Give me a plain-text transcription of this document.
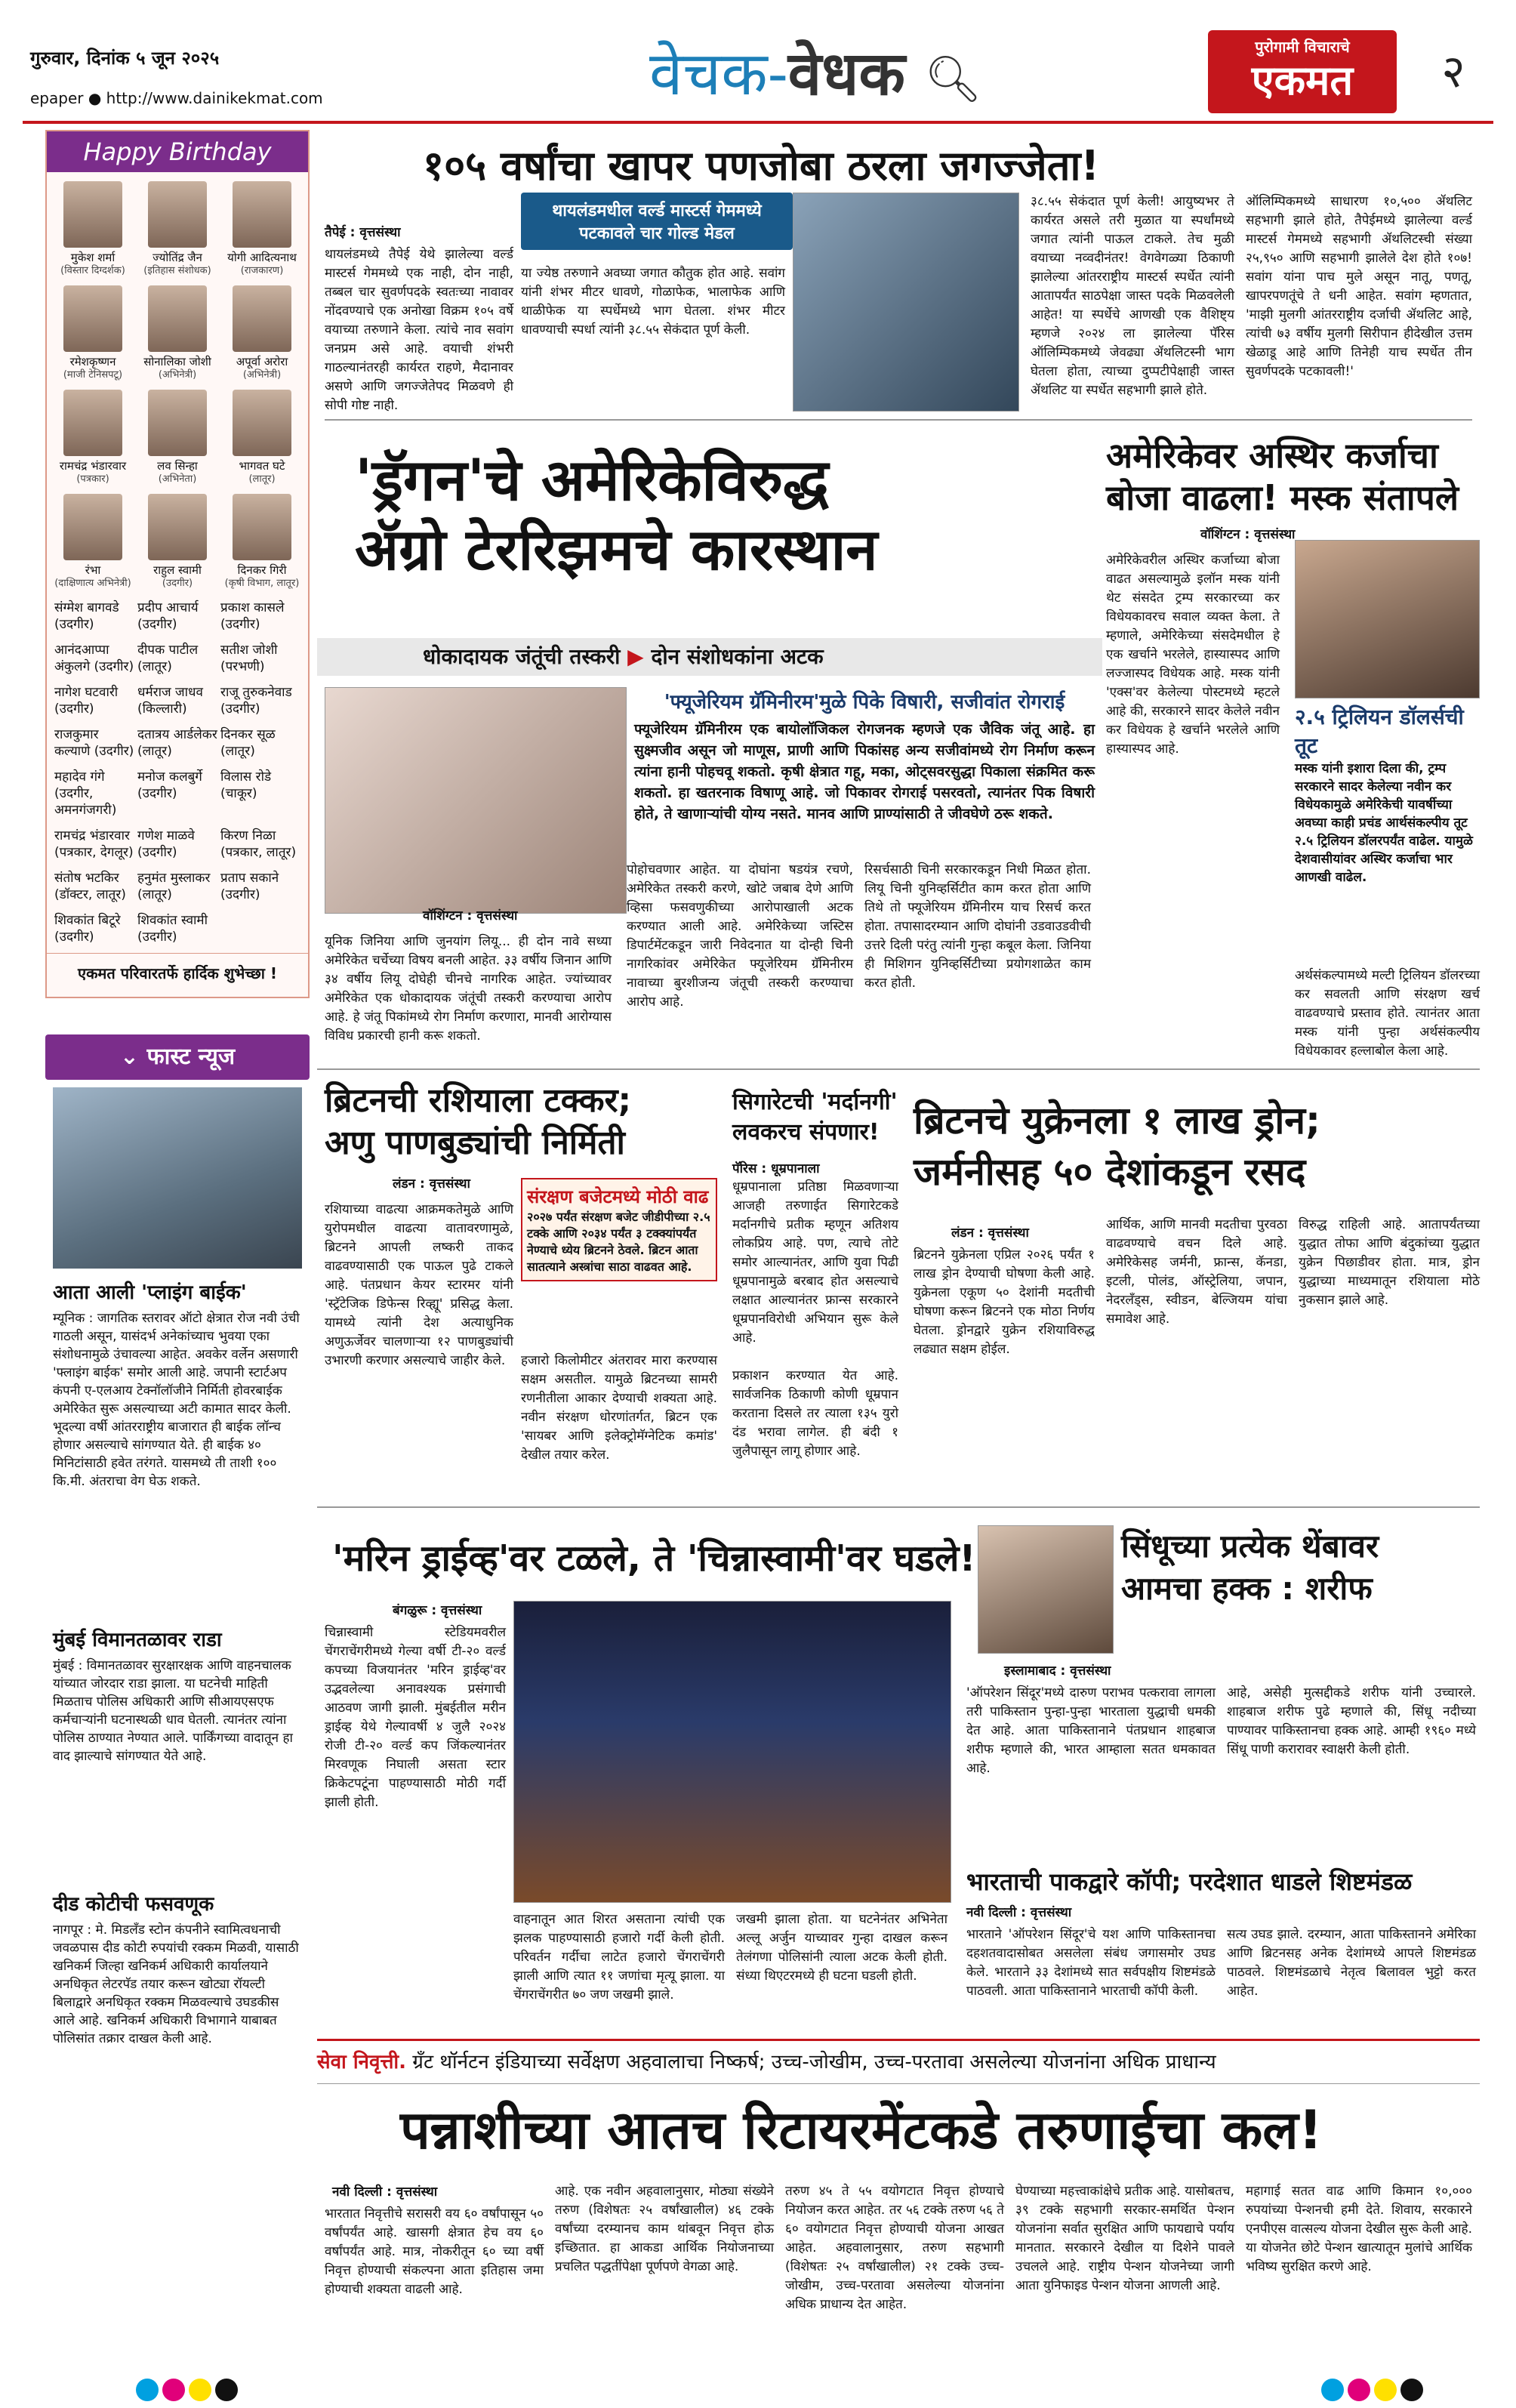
गुरुवार, दिनांक ५ जून २०२५
epaper ● http://www.dainikekmat.com	वेचक-वेधक 🔍︎
पुरोगामी विचाराचे
एकमत	२
Happy Birthday
मुकेश शर्मा
(विस्तार दिग्दर्शक)
ज्योतिंद्र जैन
(इतिहास संशोधक)
योगी आदित्यनाथ
(राजकारण)
रमेशकृष्णन
(माजी टेनिसपटू)
सोनालिका जोशी
(अभिनेत्री)
अपूर्वा अरोरा
(अभिनेत्री)
रामचंद्र भंडारवार
(पत्रकार)
लव सिन्हा
(अभिनेता)
भागवत घटे
(लातूर)
रंभा
(दाक्षिणात्य अभिनेत्री)
राहुल स्वामी
(उदगीर)
दिनकर गिरी
(कृषी विभाग, लातूर)
संग्मेश बागवडे (उदगीर)
प्रदीप आचार्य (उदगीर)
प्रकाश कासले (उदगीर)
आनंदआप्पा अंकुलगे (उदगीर)
दीपक पाटील (लातूर)
सतीश जोशी (परभणी)
नागेश घटवारी (उदगीर)
धर्मराज जाधव (किल्लारी)
राजू तुरुकनेवाड (उदगीर)
राजकुमार कल्याणे (उदगीर)
दतात्रय आर्डलेकर (लातूर)
दिनकर सूळ (लातूर)
महादेव गंगे (उदगीर, अमनगंजगरी)
मनोज कलबुर्गे (उदगीर)
विलास रोडे (चाकूर)
रामचंद्र भंडारवार (पत्रकार, देगलूर)
गणेश माळवे (उदगीर)
किरण निळा (पत्रकार, लातूर)
संतोष भटकिर (डॉक्टर, लातूर)
हनुमंत मुस्लाकर (लातूर)
प्रताप सकाने (उदगीर)
शिवकांत बिटूरे (उदगीर)
शिवकांत स्वामी (उदगीर)
एकमत परिवारतर्फे हार्दिक शुभेच्छा !
⌄ फास्ट न्यूज
आता आली 'प्लाइंग बाईक'

म्यूनिक : जागतिक स्तरावर ऑटो क्षेत्रात रोज नवी उंची गाठली असून, यासंदर्भ अनेकांच्याच भुवया एका संशोधनामुळे उंचावल्या आहेत. अवकेर वर्लेन असणारी 'फ्लाइंग बाईक' समोर आली आहे. जपानी स्टार्टअप कंपनी ए-एलआय टेक्नॉलॉजीने निर्मिती होवरबाईक अमेरिकेत सुरू असल्याच्या अटी कामात सादर केली. भूदल्या वर्षी आंतरराष्ट्रीय बाजारात ही बाईक लॉन्च होणार असल्याचे सांगण्यात येते. ही बाईक ४० मिनिटांसाठी हवेत तरंगते. यासमध्ये ती ताशी १०० कि.मी. अंतराचा वेग घेऊ शकते.

मुंबई विमानतळावर राडा

मुंबई : विमानतळावर सुरक्षारक्षक आणि वाहनचालक यांच्यात जोरदार राडा झाला. या घटनेची माहिती मिळताच पोलिस अधिकारी आणि सीआयएसएफ कर्मचाऱ्यांनी घटनास्थळी धाव घेतली. त्यानंतर त्यांना पोलिस ठाण्यात नेण्यात आले. पार्किंगच्या वादातून हा वाद झाल्याचे सांगण्यात येते आहे.

दीड कोटीची फसवणूक

नागपूर : मे. मिडलँड स्टोन कंपनीने स्वामित्वधनाची जवळपास दीड कोटी रुपयांची रक्कम मिळवी, यासाठी खनिकर्म जिल्हा खनिकर्म अधिकारी कार्यालयाने अनधिकृत लेटरपॅड तयार करून खोट्या रॉयल्टी बिलाद्वारे अनधिकृत रक्कम मिळवल्याचे उघडकीस आले आहे. खनिकर्म अधिकारी विभागाने याबाबत पोलिसांत तक्रार दाखल केली आहे.

१०५ वर्षांचा खापर पणजोबा ठरला जगज्जेता!
तैपेई : वृत्तसंस्था
थायलंडमधील वर्ल्ड मास्टर्स गेममध्ये पटकावले चार गोल्ड मेडल
थायलंडमध्ये तैपेई येथे झालेल्या वर्ल्ड मास्टर्स गेममध्ये एक नाही, दोन नाही, तब्बल चार सुवर्णपदके स्वतःच्या नावावर नोंदवण्याचे एक अनोखा विक्रम १०५ वर्षे वयाच्या तरुणाने केला. त्यांचे नाव सवांग जनप्रम असे आहे. वयाची शंभरी गाठल्यानंतरही कार्यरत राहणे, मैदानावर असणे आणि जगज्जेतेपद मिळवणे ही सोपी गोष्ट नाही.
या ज्येष्ठ तरुणाने अवघ्या जगात कौतुक होत आहे. सवांग यांनी शंभर मीटर धावणे, गोळाफेक, भालाफेक आणि थाळीफेक या स्पर्धेमध्ये भाग घेतला. शंभर मीटर धावण्याची स्पर्धा त्यांनी ३८.५५ सेकंदात पूर्ण केली.
३८.५५ सेकंदात पूर्ण केली! आयुष्यभर ते कार्यरत असले तरी मुळात या स्पर्धांमध्ये जगात त्यांनी पाऊल टाकले. तेच मुळी वयाच्या नव्वदीनंतर! वेगवेगळ्या ठिकाणी झालेल्या आंतरराष्ट्रीय मास्टर्स स्पर्धेत त्यांनी आतापर्यंत साठपेक्षा जास्त पदके मिळवलेली आहेत! या स्पर्धेचे आणखी एक वैशिष्ट्य म्हणजे २०२४ ला झालेल्या पॅरिस ऑलिम्पिकमध्ये जेवढ्या ॲथलिटस्नी भाग घेतला होता, त्याच्या दुप्पटीपेक्षाही जास्त ॲथलिट या स्पर्धेत सहभागी झाले होते.
ऑलिम्पिकमध्ये साधारण १०,५०० ॲथलिट सहभागी झाले होते, तैपेईमध्ये झालेल्या वर्ल्ड मास्टर्स गेममध्ये सहभागी ॲथलिटस्ची संख्या २५,९५० आणि सहभागी झालेले देश होते १०७! सवांग यांना पाच मुले असून नातू, पणतू, खापरपणतूंचे ते धनी आहेत. सवांग म्हणतात, 'माझी मुलगी आंतरराष्ट्रीय दर्जाची ॲथलिट आहे, त्यांची ७३ वर्षीय मुलगी सिरीपान हीदेखील उत्तम खेळाडू आहे आणि तिनेही याच स्पर्धेत तीन सुवर्णपदके पटकावली!'
'ड्रॅगन'चे अमेरिकेविरुद्ध
ॲग्रो टेररिझमचे कारस्थान
धोकादायक जंतूंची तस्करी ▶ दोन संशोधकांना अटक
वॉशिंग्टन : वृत्तसंस्था
'फ्यूजेरियम ग्रॅमिनीरम'मुळे पिके विषारी, सजीवांत रोगराई
फ्यूजेरियम ग्रॅमिनीरम एक बायोलॉजिकल रोगजनक म्हणजे एक जैविक जंतू आहे. हा सुक्ष्मजीव असून जो माणूस, प्राणी आणि पिकांसह अन्य सजीवांमध्ये रोग निर्माण करून त्यांना हानी पोहचवू शकतो. कृषी क्षेत्रात गहू, मका, ओट्सवरसुद्धा पिकाला संक्रमित करू शकतो. हा खतरनाक विषाणू आहे. जो पिकावर रोगराई पसरवतो, त्यानंतर पिक विषारी होते, ते खाणाऱ्यांची योग्य नसते. मानव आणि प्राण्यांसाठी ते जीवघेणे ठरू शकते.
यूनिक जिनिया आणि जुनयांग लियू... ही दोन नावे सध्या अमेरिकेत चर्चेच्या विषय बनली आहेत. ३३ वर्षीय जिनान आणि ३४ वर्षीय लियू दोघेही चीनचे नागरिक आहेत. ज्यांच्यावर अमेरिकेत एक धोकादायक जंतूंची तस्करी करण्याचा आरोप आहे. हे जंतू पिकांमध्ये रोग निर्माण करणारा, मानवी आरोग्यास विविध प्रकारची हानी करू शकतो.
पोहोचवणार आहेत. या दोघांना षडयंत्र रचणे, अमेरिकेत तस्करी करणे, खोटे जबाब देणे आणि व्हिसा फसवणुकीच्या आरोपाखाली अटक करण्यात आली आहे. अमेरिकेच्या जस्टिस डिपार्टमेंटकडून जारी निवेदनात या दोन्ही चिनी नागरिकांवर अमेरिकेत फ्यूजेरियम ग्रॅमिनीरम नावाच्या बुरशीजन्य जंतूची तस्करी करण्याचा आरोप आहे.
रिसर्चसाठी चिनी सरकारकडून निधी मिळत होता. लियू चिनी युनिव्हर्सिटीत काम करत होता आणि तिथे तो फ्यूजेरियम ग्रॅमिनीरम याच रिसर्च करत होता. तपासादरम्यान आणि दोघांनी उडवाउडवीची उत्तरे दिली परंतु त्यांनी गुन्हा कबूल केला. जिनिया ही मिशिगन युनिव्हर्सिटीच्या प्रयोगशाळेत काम करत होती.
अमेरिकेवर अस्थिर कर्जाचा बोजा वाढला! मस्क संतापले
वॉशिंग्टन : वृत्तसंस्था
अमेरिकेवरील अस्थिर कर्जाच्या बोजा वाढत असल्यामुळे इलॉन मस्क यांनी थेट संसदेत ट्रम्प सरकारच्या कर विधेयकावरच सवाल व्यक्त केला. ते म्हणाले, अमेरिकेच्या संसदेमधील हे एक खर्चाने भरलेले, हास्यास्पद आणि लज्जास्पद विधेयक आहे. मस्क यांनी 'एक्स'वर केलेल्या पोस्टमध्ये म्हटले आहे की, सरकारने सादर केलेले नवीन कर विधेयक हे खर्चाने भरलेले आणि हास्यास्पद आहे.
२.५ ट्रिलियन डॉलर्सची तूट
मस्क यांनी इशारा दिला की, ट्रम्प सरकारने सादर केलेल्या नवीन कर विधेयकामुळे अमेरिकेची यावर्षीच्या अवघ्या काही प्रचंड आर्थसंकल्पीय तूट २.५ ट्रिलियन डॉलरपर्यंत वाढेल. यामुळे देशवासीयांवर अस्थिर कर्जाचा भार आणखी वाढेल.
अर्थसंकल्पामध्ये मल्टी ट्रिलियन डॉलरच्या कर सवलती आणि संरक्षण खर्च वाढवण्याचे प्रस्ताव होते. त्यानंतर आता मस्क यांनी पुन्हा अर्थसंकल्पीय विधेयकावर हल्लाबोल केला आहे.
ब्रिटनची रशियाला टक्कर; अणु पाणबुड्यांची निर्मिती
लंडन : वृत्तसंस्था
रशियाच्या वाढत्या आक्रमकतेमुळे आणि युरोपमधील वाढत्या वातावरणामुळे, ब्रिटनने आपली लष्करी ताकद वाढवण्यासाठी एक पाऊल पुढे टाकले आहे. पंतप्रधान केयर स्टारमर यांनी 'स्ट्रॅटेजिक डिफेन्स रिव्ह्यू' प्रसिद्ध केला. यामध्ये त्यांनी देश अत्याधुनिक अणुऊर्जेवर चालणाऱ्या १२ पाणबुड्यांची उभारणी करणार असल्याचे जाहीर केले.
संरक्षण बजेटमध्ये मोठी वाढ
२०२७ पर्यंत संरक्षण बजेट जीडीपीच्या २.५ टक्के आणि २०३४ पर्यंत ३ टक्क्यांपर्यंत नेण्याचे ध्येय ब्रिटनने ठेवले. ब्रिटन आता सातत्याने अस्त्रांचा साठा वाढवत आहे.
हजारो किलोमीटर अंतरावर मारा करण्यास सक्षम असतील. यामुळे ब्रिटनच्या सामरी रणनीतीला आकार देण्याची शक्यता आहे. नवीन संरक्षण धोरणांतर्गत, ब्रिटन एक 'सायबर आणि इलेक्ट्रोमॅग्नेटिक कमांड' देखील तयार करेल.
सिगारेटची 'मर्दानगी'
लवकरच संपणार!
पॅरिस : धूम्रपानाला
धूम्रपानाला प्रतिष्ठा मिळवणाऱ्या आजही तरुणाईत सिगारेटकडे मर्दानगीचे प्रतीक म्हणून अतिशय लोकप्रिय आहे. पण, त्याचे तोटे समोर आल्यानंतर, आणि युवा पिढी धूम्रपानामुळे बरबाद होत असल्याचे लक्षात आल्यानंतर फ्रान्स सरकारने धूम्रपानविरोधी अभियान सुरू केले आहे.
प्रकाशन करण्यात येत आहे. सार्वजनिक ठिकाणी कोणी धूम्रपान करताना दिसले तर त्याला १३५ युरो दंड भरावा लागेल. ही बंदी १ जुलैपासून लागू होणार आहे.
ब्रिटनचे युक्रेनला १ लाख ड्रोन;
जर्मनीसह ५० देशांकडून रसद
लंडन : वृत्तसंस्था
ब्रिटनने युक्रेनला एप्रिल २०२६ पर्यंत १ लाख ड्रोन देण्याची घोषणा केली आहे. युक्रेनला एकूण ५० देशांनी मदतीची घोषणा करून ब्रिटनने एक मोठा निर्णय घेतला. ड्रोनद्वारे युक्रेन रशियाविरुद्ध लढ्यात सक्षम होईल.
आर्थिक, आणि मानवी मदतीचा पुरवठा वाढवण्याचे वचन दिले आहे. अमेरिकेसह जर्मनी, फ्रान्स, कॅनडा, इटली, पोलंड, ऑस्ट्रेलिया, जपान, नेदरलँड्स, स्वीडन, बेल्जियम यांचा समावेश आहे.
विरुद्ध राहिली आहे. आतापर्यंतच्या युद्धात तोफा आणि बंदुकांच्या युद्धात युक्रेन पिछाडीवर होता. मात्र, ड्रोन युद्धाच्या माध्यमातून रशियाला मोठे नुकसान झाले आहे.
'मरिन ड्राईव्ह'वर टळले, ते 'चिन्नास्वामी'वर घडले!
बंगळुरू : वृत्तसंस्था
चिन्नास्वामी स्टेडियमवरील चेंगराचेंगरीमध्ये गेल्या वर्षी टी-२० वर्ल्ड कपच्या विजयानंतर 'मरिन ड्राईव्ह'वर उद्भवलेल्या अनावश्यक प्रसंगाची आठवण जागी झाली. मुंबईतील मरीन ड्राईव्ह येथे गेल्यावर्षी ४ जुलै २०२४ रोजी टी-२० वर्ल्ड कप जिंकल्यानंतर मिरवणूक निघाली असता स्टार क्रिकेटपटूंना पाहण्यासाठी मोठी गर्दी झाली होती.
वाहनातून आत शिरत असताना त्यांची एक झलक पाहण्यासाठी हजारो गर्दी केली होती. परिवर्तन गर्दीचा लाटेत हजारो चेंगराचेंगरी झाली आणि त्यात ११ जणांचा मृत्यू झाला. या चेंगराचेंगरीत ७० जण जखमी झाले.
जखमी झाला होता. या घटनेनंतर अभिनेता अल्लू अर्जुन याच्यावर गुन्हा दाखल करून तेलंगणा पोलिसांनी त्याला अटक केली होती. संध्या थिएटरमध्ये ही घटना घडली होती.
सिंधूच्या प्रत्येक थेंबावर
आमचा हक्क : शरीफ
इस्लामाबाद : वृत्तसंस्था
'ऑपरेशन सिंदूर'मध्ये दारुण पराभव पत्करावा लागला तरी पाकिस्तान पुन्हा-पुन्हा भारताला युद्धाची धमकी देत आहे. आता पाकिस्तानाने पंतप्रधान शाहबाज शरीफ म्हणाले की, भारत आम्हाला सतत धमकावत आहे.
आहे, असेही मुत्सद्दीकडे शरीफ यांनी उच्चारले. शाहबाज शरीफ पुढे म्हणाले की, सिंधू नदीच्या पाण्यावर पाकिस्तानचा हक्क आहे. आम्ही १९६० मध्ये सिंधू पाणी करारावर स्वाक्षरी केली होती.
भारताची पाकद्वारे कॉपी; परदेशात धाडले शिष्टमंडळ
नवी दिल्ली : वृत्तसंस्था
भारताने 'ऑपरेशन सिंदूर'चे यश आणि पाकिस्तानचा दहशतवादासोबत असलेला संबंध जगासमोर उघड केले. भारताने ३३ देशांमध्ये सात सर्वपक्षीय शिष्टमंडळे पाठवली. आता पाकिस्तानाने भारताची कॉपी केली.
सत्य उघड झाले. दरम्यान, आता पाकिस्तानने अमेरिका आणि ब्रिटनसह अनेक देशांमध्ये आपले शिष्टमंडळ पाठवले. शिष्टमंडळाचे नेतृत्व बिलावल भुट्टो करत आहेत.
सेवा निवृत्ती. ग्रँट थॉर्नटन इंडियाच्या सर्वेक्षण अहवालाचा निष्कर्ष; उच्च-जोखीम, उच्च-परतावा असलेल्या योजनांना अधिक प्राधान्य
पन्नाशीच्या आतच रिटायरमेंटकडे तरुणाईचा कल!
नवी दिल्ली : वृत्तसंस्था
भारतात निवृत्तीचे सरासरी वय ६० वर्षांपासून ५० वर्षांपर्यंत आहे. खासगी क्षेत्रात हेच वय ६० वर्षांपर्यंत आहे. मात्र, नोकरीतून ६० च्या वर्षी निवृत्त होण्याची संकल्पना आता इतिहास जमा होण्याची शक्यता वाढली आहे.
आहे. एक नवीन अहवालानुसार, मोठ्या संख्येने तरुण (विशेषतः २५ वर्षांखालील) ४६ टक्के वर्षांच्या दरम्यानच काम थांबवून निवृत्त होऊ इच्छितात. हा आकडा आर्थिक नियोजनाच्या प्रचलित पद्धतींपेक्षा पूर्णपणे वेगळा आहे.
तरुण ४५ ते ५५ वयोगटात निवृत्त होण्याचे नियोजन करत आहेत. तर ५६ टक्के तरुण ५६ ते ६० वयोगटात निवृत्त होण्याची योजना आखत आहेत. अहवालानुसार, तरुण सहभागी (विशेषतः २५ वर्षांखालील) २१ टक्के उच्च-जोखीम, उच्च-परतावा असलेल्या योजनांना अधिक प्राधान्य देत आहेत.
घेण्याच्या महत्त्वाकांक्षेचे प्रतीक आहे. यासोबतच, ३९ टक्के सहभागी सरकार-समर्थित पेन्शन योजनांना सर्वात सुरक्षित आणि फायद्याचे पर्याय मानतात. सरकारने देखील या दिशेने पावले उचलले आहे. राष्ट्रीय पेन्शन योजनेच्या जागी आता युनिफाइड पेन्शन योजना आणली आहे.
महागाई सतत वाढ आणि किमान १०,००० रुपयांच्या पेन्शनची हमी देते. शिवाय, सरकारने एनपीएस वात्सल्य योजना देखील सुरू केली आहे. या योजनेत छोटे पेन्शन खात्यातून मुलांचे आर्थिक भविष्य सुरक्षित करणे आहे.
